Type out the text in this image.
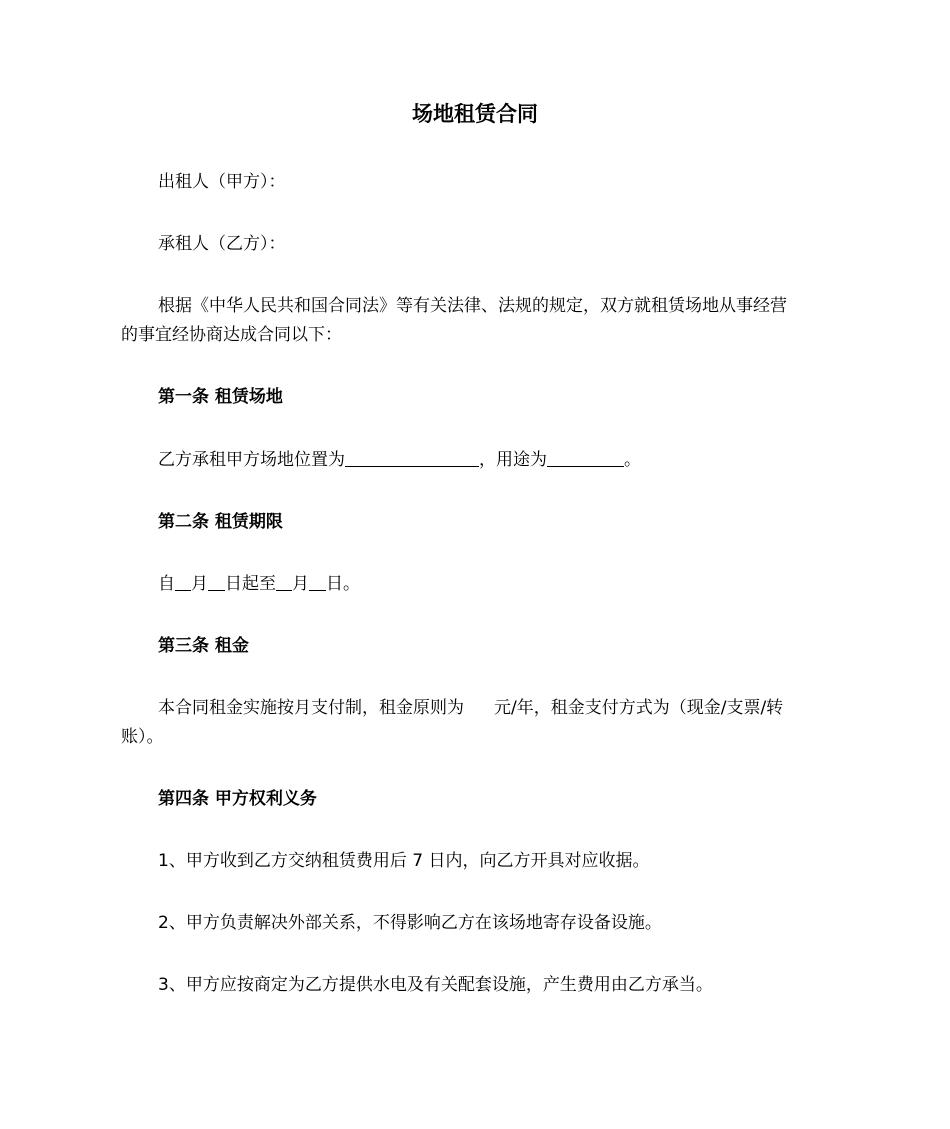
场地租赁合同
出租人（甲方）：
承租人（乙方）：
根据《中华人民共和国合同法》等有关法律、法规的规定，双方就租赁场地从事经营
的事宜经协商达成合同以下：
第一条 租赁场地
乙方承租甲方场地位置为	，用途为	。
第二条 租赁期限
自 月 日起至 月 日。
第三条 租金
本合同租金实施按月支付制，租金原则为 元/年，租金支付方式为（现金/支票/转
账）。
第四条 甲方权利义务
1、甲方收到乙方交纳租赁费用后 7 日内，向乙方开具对应收据。
2、甲方负责解决外部关系，不得影响乙方在该场地寄存设备设施。
3、甲方应按商定为乙方提供水电及有关配套设施，产生费用由乙方承当。
